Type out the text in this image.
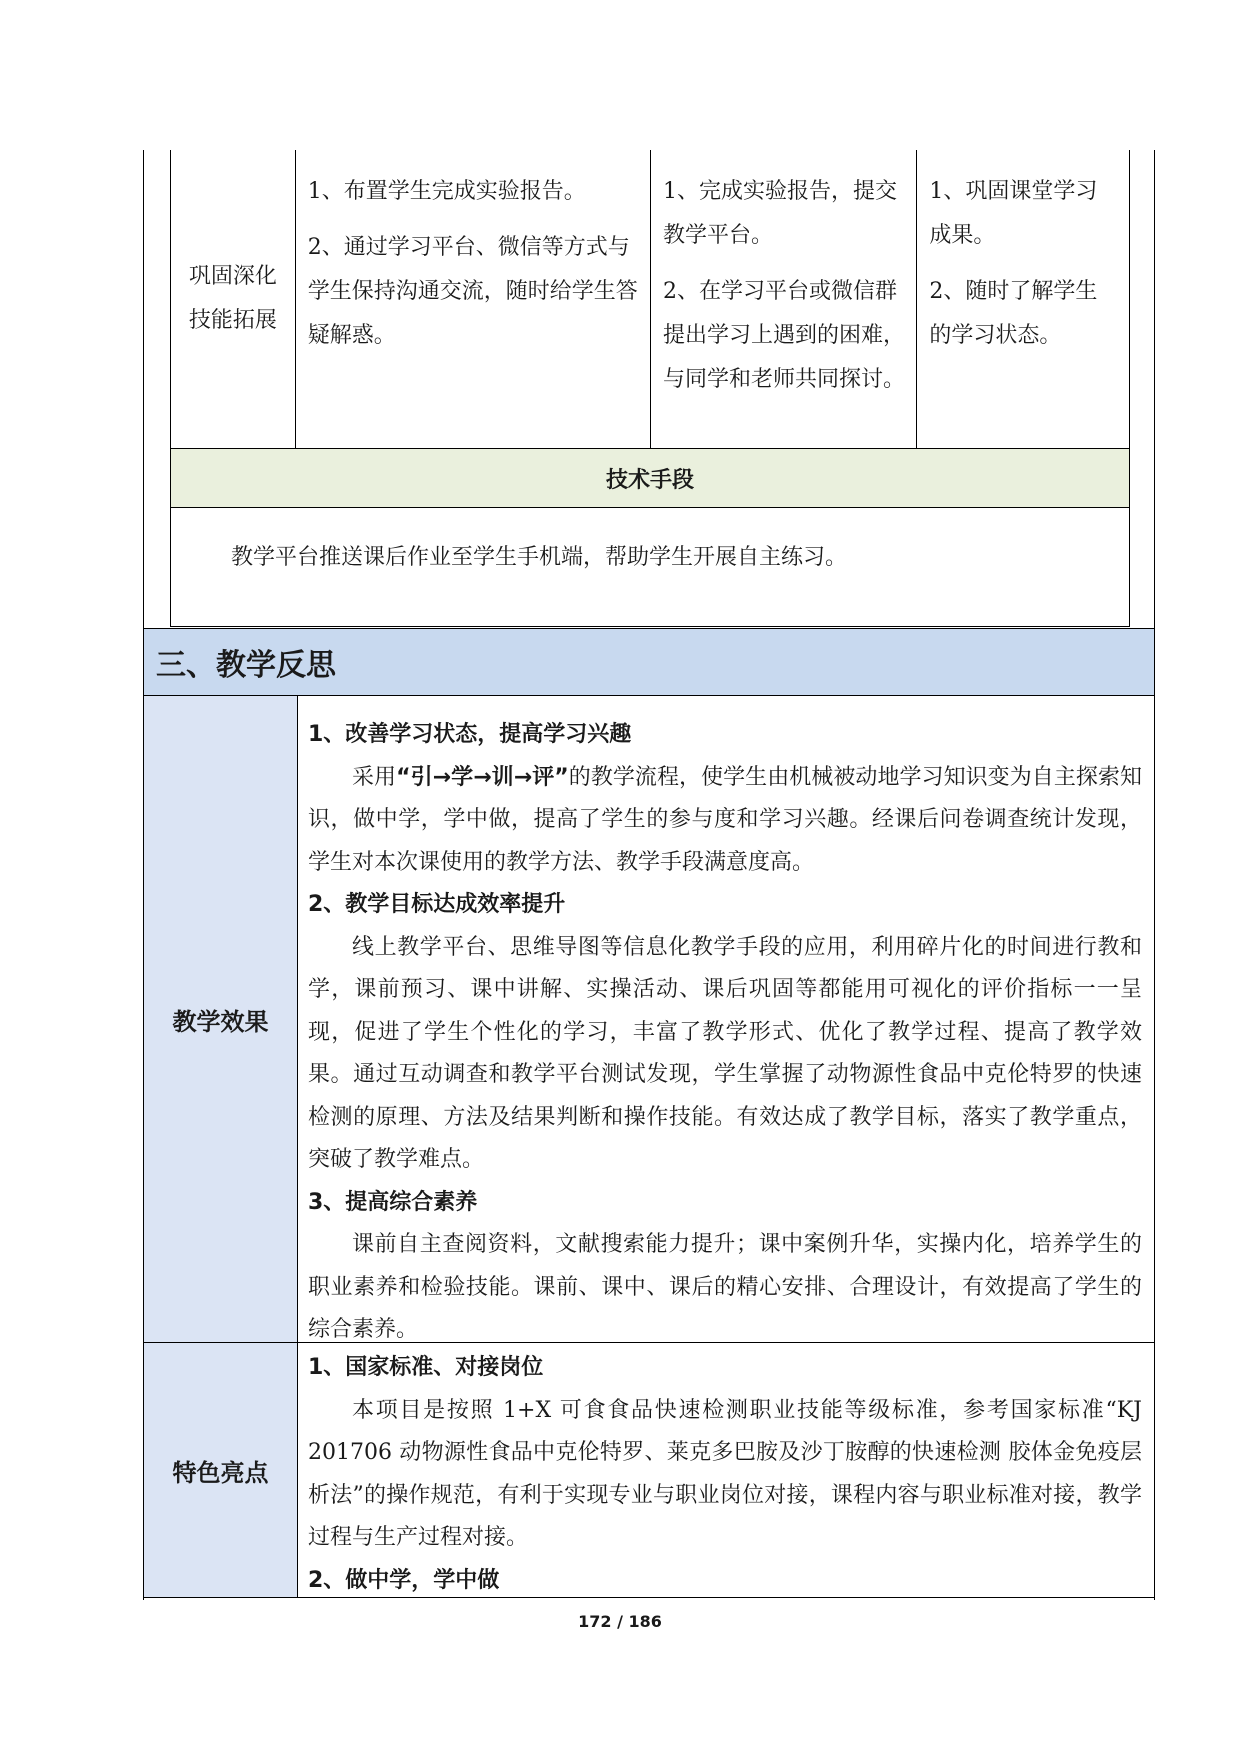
巩固深化技能拓展

1、布置学生完成实验报告。

2、通过学习平台、微信等方式与学生保持沟通交流，随时给学生答疑解惑。

1、完成实验报告，提交教学平台。

2、在学习平台或微信群提出学习上遇到的困难，与同学和老师共同探讨。

1、巩固课堂学习成果。

2、随时了解学生的学习状态。

技术手段
教学平台推送课后作业至学生手机端，帮助学生开展自主练习。
三、教学反思
教学效果

1、改善学习状态，提高学习兴趣

采用“引→学→训→评”的教学流程，使学生由机械被动地学习知识变为自主探索知识，做中学，学中做，提高了学生的参与度和学习兴趣。经课后问卷调查统计发现，学生对本次课使用的教学方法、教学手段满意度高。

2、教学目标达成效率提升

线上教学平台、思维导图等信息化教学手段的应用，利用碎片化的时间进行教和学，课前预习、课中讲解、实操活动、课后巩固等都能用可视化的评价指标一一呈现，促进了学生个性化的学习，丰富了教学形式、优化了教学过程、提高了教学效果。通过互动调查和教学平台测试发现，学生掌握了动物源性食品中克伦特罗的快速检测的原理、方法及结果判断和操作技能。有效达成了教学目标，落实了教学重点，突破了教学难点。

3、提高综合素养

课前自主查阅资料，文献搜索能力提升；课中案例升华，实操内化，培养学生的职业素养和检验技能。课前、课中、课后的精心安排、合理设计，有效提高了学生的综合素养。

特色亮点

1、国家标准、对接岗位

本项目是按照 1+X 可食食品快速检测职业技能等级标准，参考国家标准“KJ 201706 动物源性食品中克伦特罗、莱克多巴胺及沙丁胺醇的快速检测 胶体金免疫层析法”的操作规范，有利于实现专业与职业岗位对接，课程内容与职业标准对接，教学过程与生产过程对接。

2、做中学，学中做

172 / 186
